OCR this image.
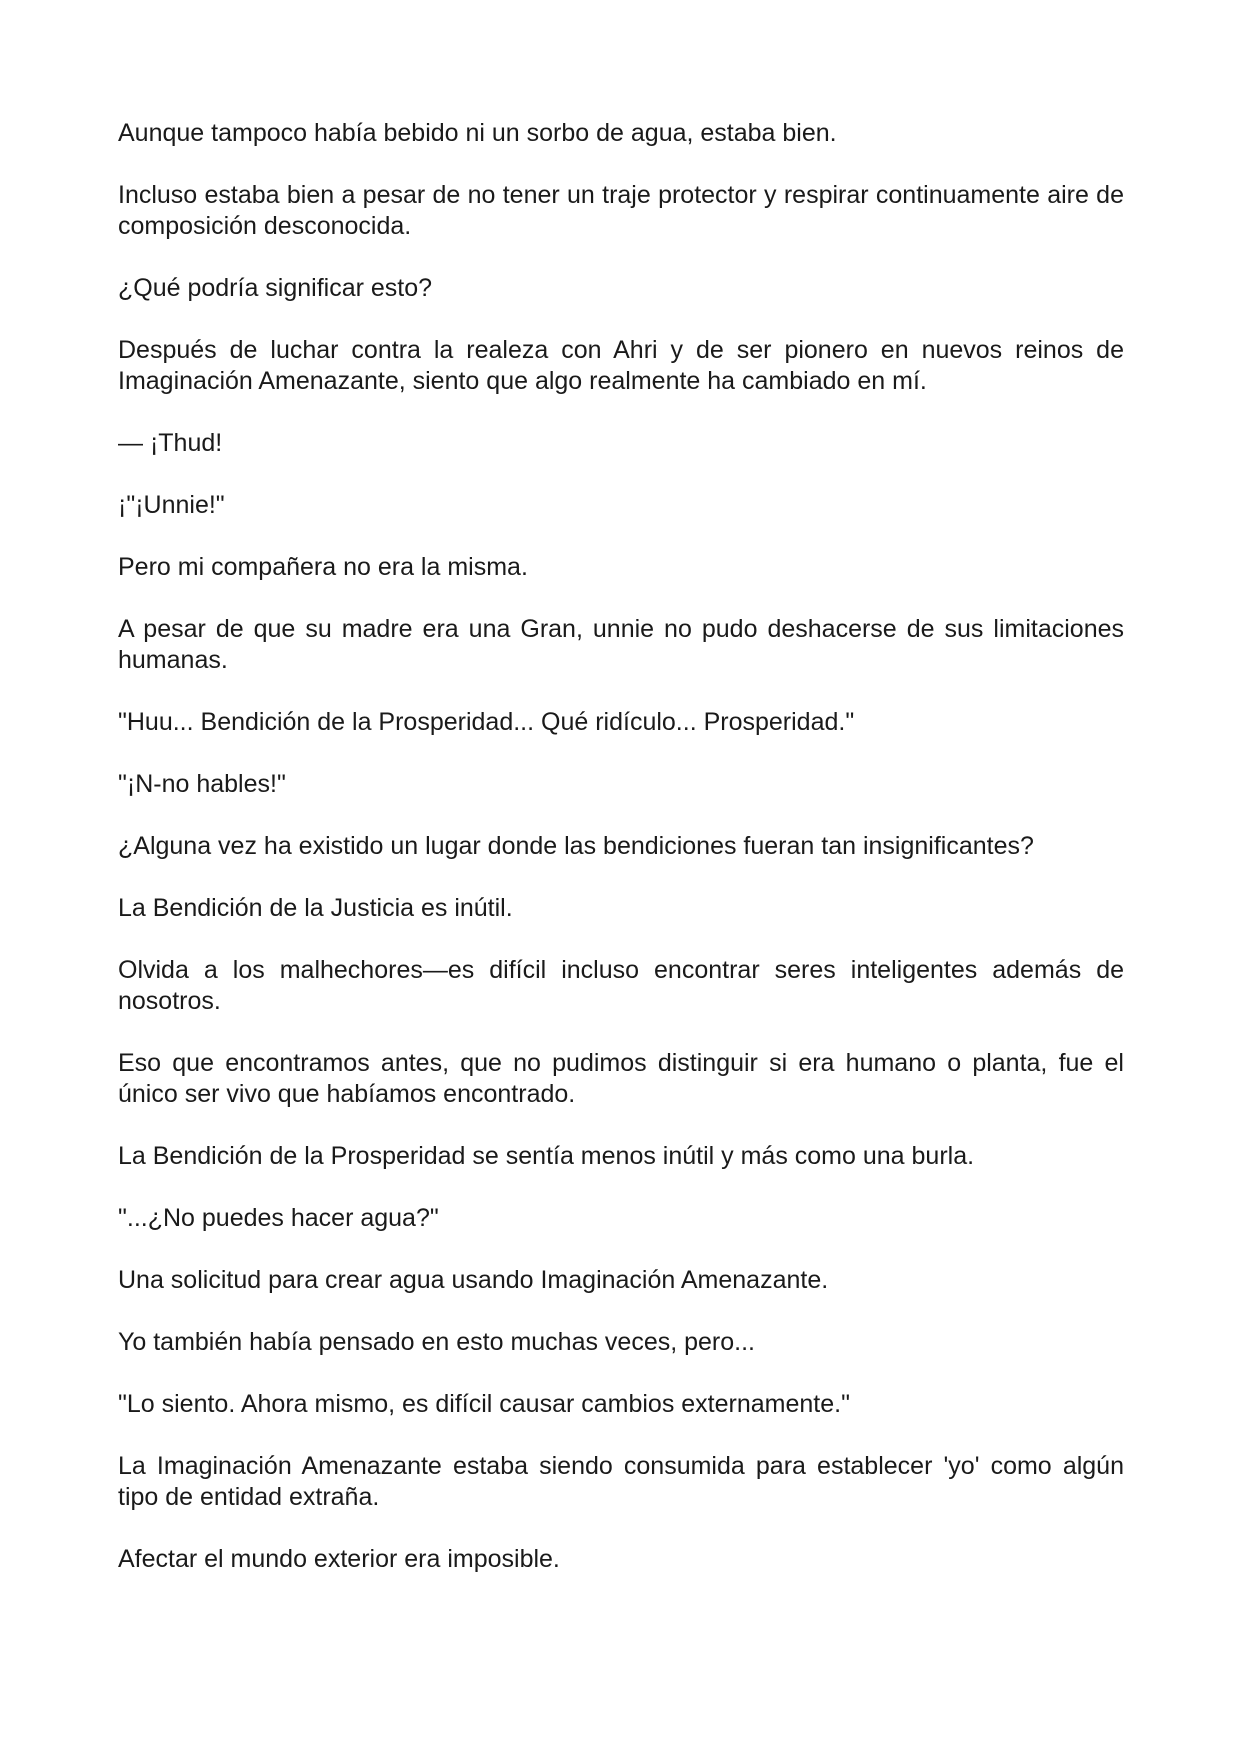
Aunque tampoco había bebido ni un sorbo de agua, estaba bien.

Incluso estaba bien a pesar de no tener un traje protector y respirar continuamente aire de composición desconocida.

¿Qué podría significar esto?

Después de luchar contra la realeza con Ahri y de ser pionero en nuevos reinos de Imaginación Amenazante, siento que algo realmente ha cambiado en mí.

— ¡Thud!

¡"¡Unnie!"

Pero mi compañera no era la misma.

A pesar de que su madre era una Gran, unnie no pudo deshacerse de sus limitaciones humanas.

"Huu... Bendición de la Prosperidad... Qué ridículo... Prosperidad."

"¡N-no hables!"

¿Alguna vez ha existido un lugar donde las bendiciones fueran tan insignificantes?

La Bendición de la Justicia es inútil.

Olvida a los malhechores—es difícil incluso encontrar seres inteligentes además de nosotros.

Eso que encontramos antes, que no pudimos distinguir si era humano o planta, fue el único ser vivo que habíamos encontrado.

La Bendición de la Prosperidad se sentía menos inútil y más como una burla.

"...¿No puedes hacer agua?"

Una solicitud para crear agua usando Imaginación Amenazante.

Yo también había pensado en esto muchas veces, pero...

"Lo siento. Ahora mismo, es difícil causar cambios externamente."

La Imaginación Amenazante estaba siendo consumida para establecer 'yo' como algún tipo de entidad extraña.

Afectar el mundo exterior era imposible.
